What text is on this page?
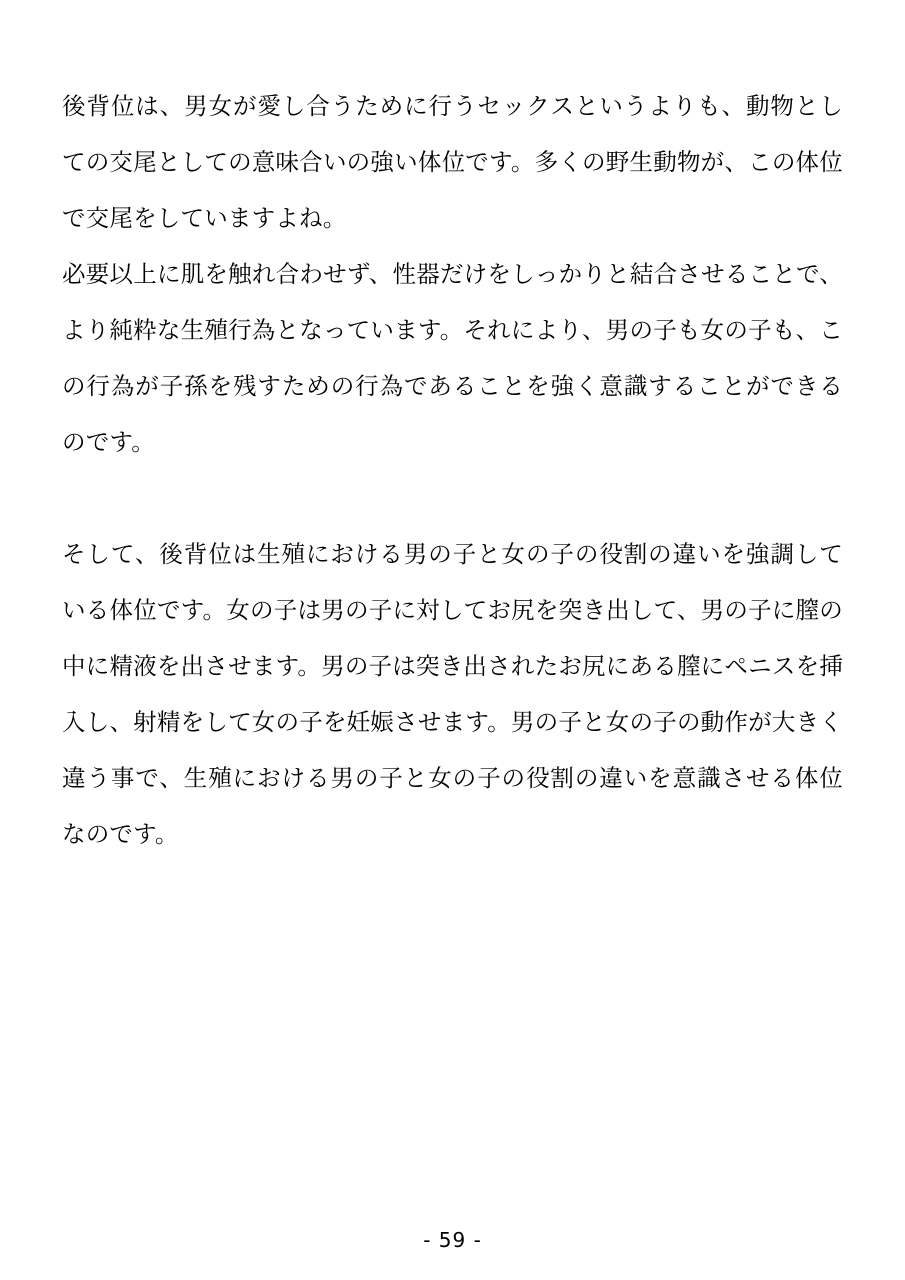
後背位は、男女が愛し合うために行うセックスというよりも、動物としての交尾としての意味合いの強い体位です。多くの野生動物が、この体位で交尾をしていますよね。

必要以上に肌を触れ合わせず、性器だけをしっかりと結合させることで、より純粋な生殖行為となっています。それにより、男の子も女の子も、この行為が子孫を残すための行為であることを強く意識することができるのです。

そして、後背位は生殖における男の子と女の子の役割の違いを強調している体位です。女の子は男の子に対してお尻を突き出して、男の子に膣の中に精液を出させます。男の子は突き出されたお尻にある膣にペニスを挿入し、射精をして女の子を妊娠させます。男の子と女の子の動作が大きく違う事で、生殖における男の子と女の子の役割の違いを意識させる体位なのです。

- 59 -
